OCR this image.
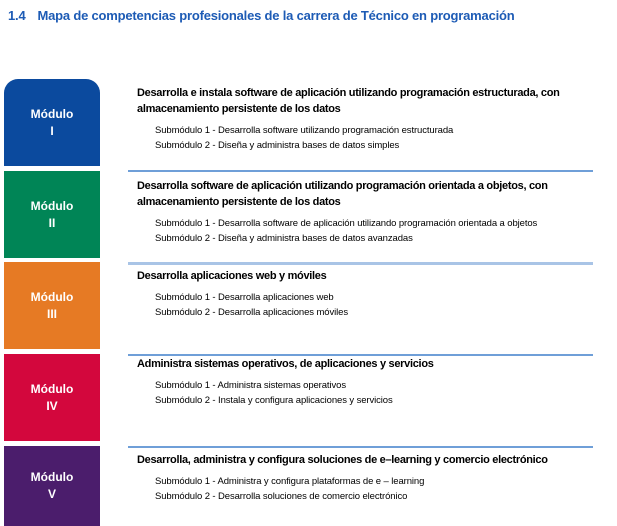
1.4 Mapa de competencias profesionales de la carrera de Técnico en programación
Módulo
I
Desarrolla e instala software de aplicación utilizando programación estructurada, con almacenamiento persistente de los datos
Submódulo 1 - Desarrolla software utilizando programación estructurada
Submódulo 2 - Diseña y administra bases de datos simples
Módulo
II
Desarrolla software de aplicación utilizando programación orientada a objetos, con almacenamiento persistente de los datos
Submódulo 1 - Desarrolla software de aplicación utilizando programación orientada a objetos
Submódulo 2 - Diseña y administra bases de datos avanzadas
Módulo
III
Desarrolla aplicaciones web y móviles
Submódulo 1 - Desarrolla aplicaciones web
Submódulo 2 - Desarrolla aplicaciones móviles
Módulo
IV
Administra sistemas operativos, de aplicaciones y servicios
Submódulo 1 - Administra sistemas operativos
Submódulo 2 - Instala y configura aplicaciones y servicios
Módulo
V
Desarrolla, administra y configura soluciones de e–learning y comercio electrónico
Submódulo 1 - Administra y configura plataformas de e – learning
Submódulo 2 - Desarrolla soluciones de comercio electrónico
